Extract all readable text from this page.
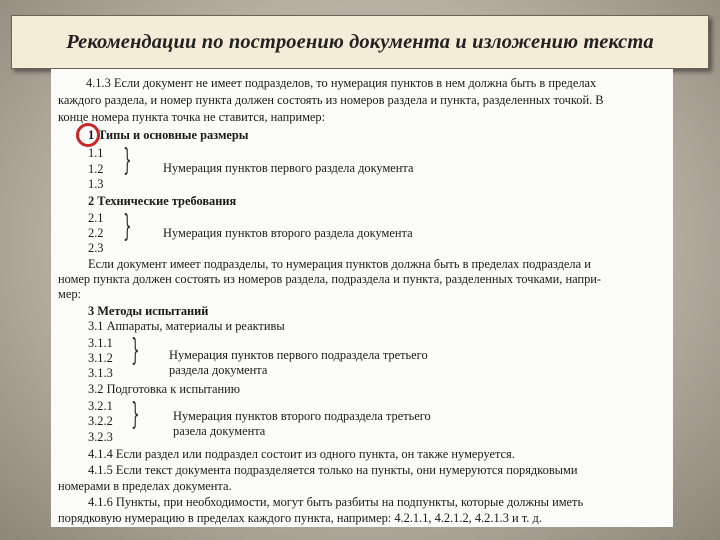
Рекомендации по построению документа и изложению текста
4.1.3 Если документ не имеет подразделов, то нумерация пунктов в нем должна быть в пределах
каждого раздела, и номер пункта должен состоять из номеров раздела и пункта, разделенных точкой. В
конце номера пункта точка не ставится, например:
1 Типы и основные размеры
1.1
1.2
1.3
}	Нумерация пунктов первого раздела документа
2 Технические требования
2.1
2.2
2.3
}	Нумерация пунктов второго раздела документа
Если документ имеет подразделы, то нумерация пунктов должна быть в пределах подраздела и
номер пункта должен состоять из номеров раздела, подраздела и пункта, разделенных точками, напри-
мер:
3 Методы испытаний
3.1 Аппараты, материалы и реактивы
3.1.1
3.1.2
3.1.3
} Нумерация пунктов первого подраздела третьего
раздела документа
3.2 Подготовка к испытанию
3.2.1
3.2.2
3.2.3
}	Нумерация пунктов второго подраздела третьего
разела документа
4.1.4 Если раздел или подраздел состоит из одного пункта, он также нумеруется.
4.1.5 Если текст документа подразделяется только на пункты, они нумеруются порядковыми
номерами в пределах документа.
4.1.6 Пункты, при необходимости, могут быть разбиты на подпункты, которые должны иметь
порядковую нумерацию в пределах каждого пункта, например: 4.2.1.1, 4.2.1.2, 4.2.1.3 и т. д.
